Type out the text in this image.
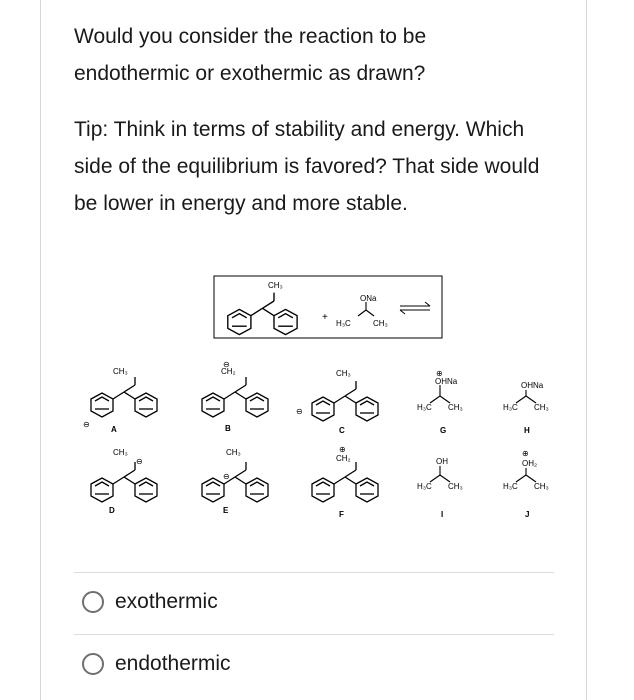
Would you consider the reaction to be endothermic or exothermic as drawn?

Tip: Think in terms of stability and energy. Which side of the equilibrium is favored? That side would be lower in energy and more stable.

CH₃
+
ONa
H₃C	CH₃
CH₃
⊖
A
⊖
CH₂
B
CH₃
⊖
C
⊕
OHNa
H₃C CH₃
G
OHNa
H₃C CH₃
H
CH₃
⊖
D
CH₃
⊖
E
⊕
CH₂
F
OH
H₃C CH₃
I
⊕
OH₂
H₃C CH₃
J
exothermic
endothermic
